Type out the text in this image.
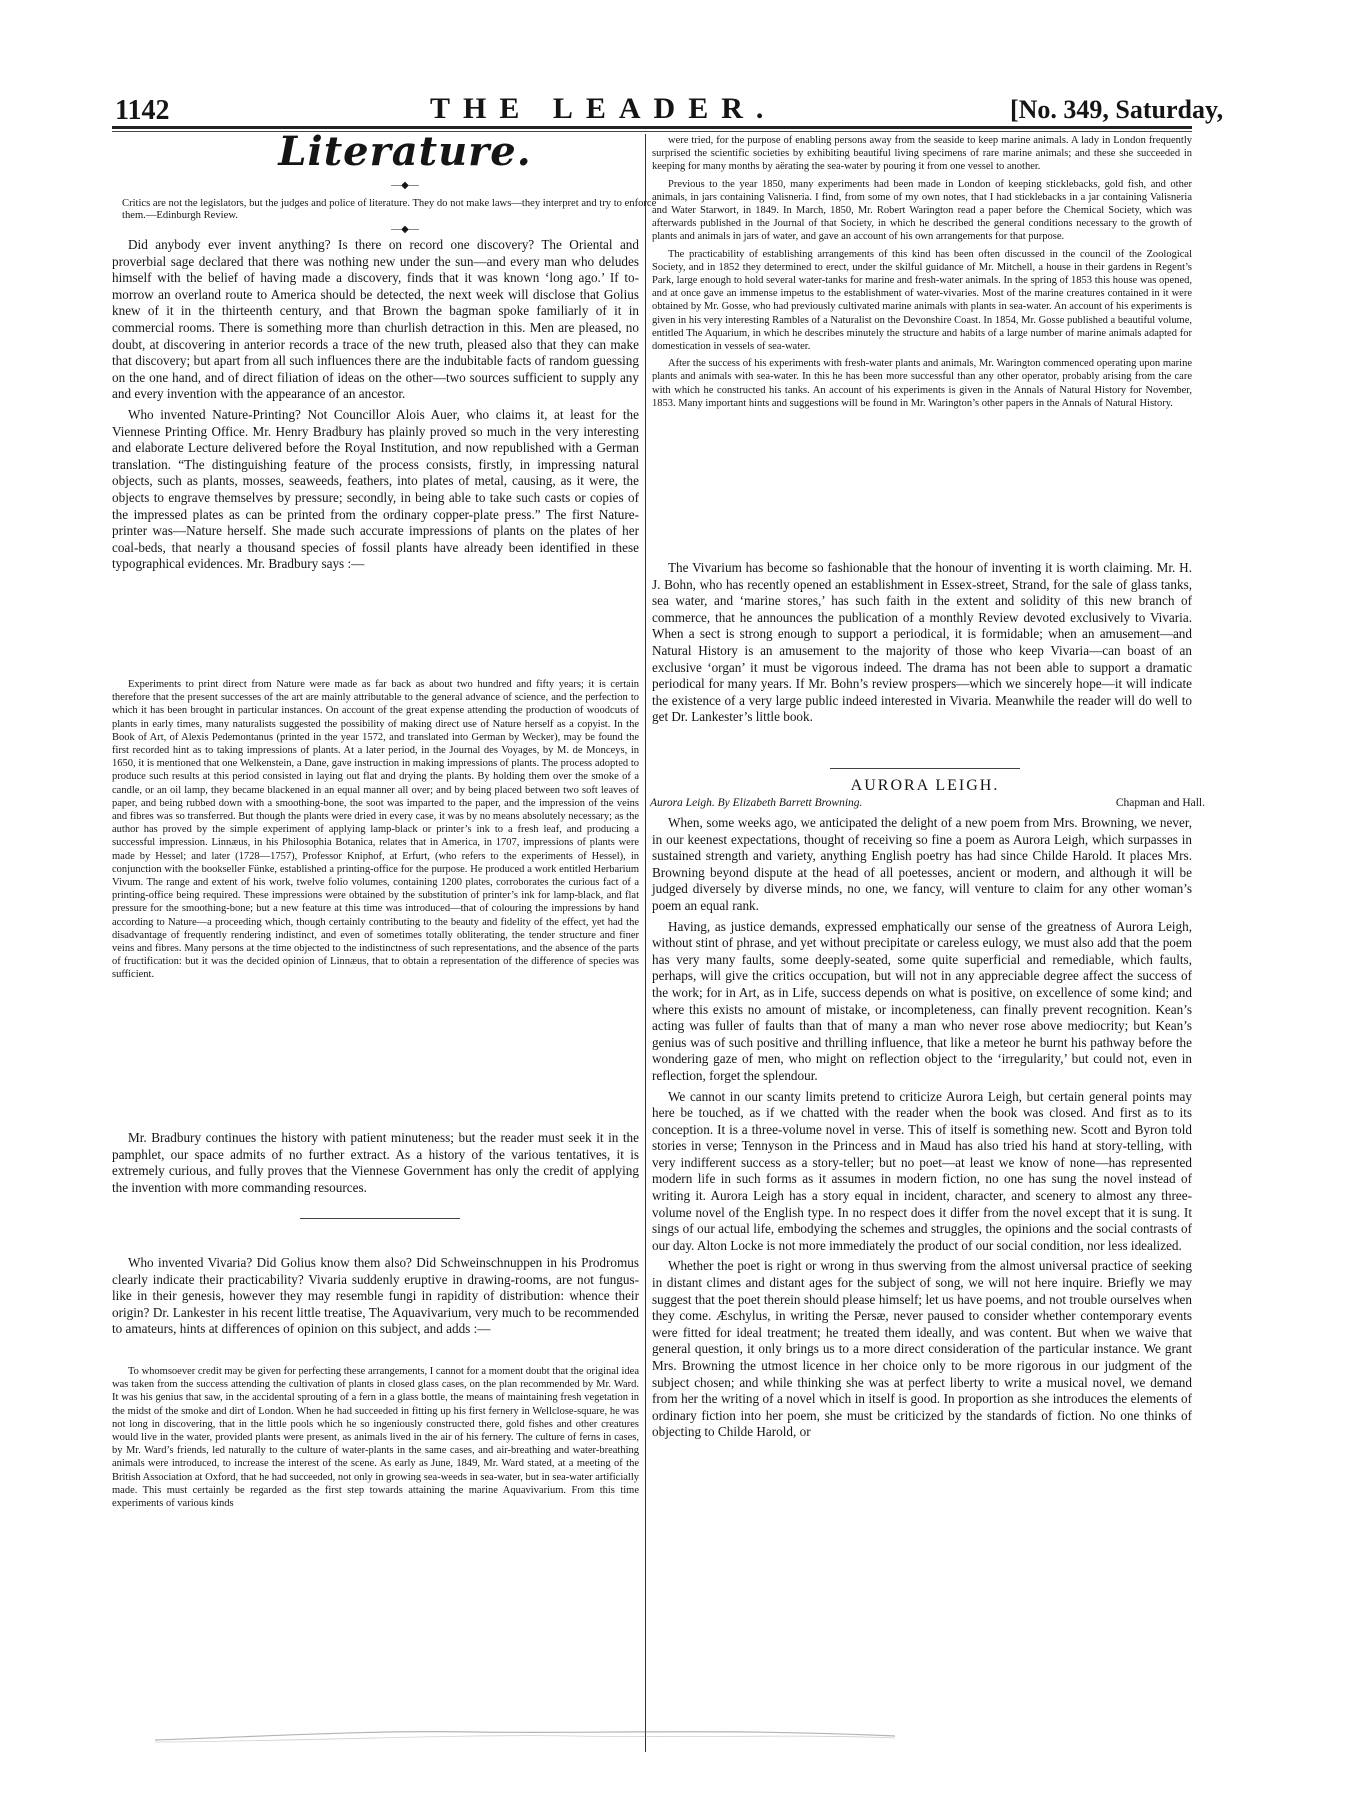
1142	THE LEADER.	[No. 349, Saturday,
Literature.
—◆—
Critics are not the legislators, but the judges and police of literature. They do not make laws—they interpret and try to enforce them.—Edinburgh Review.
—◆—

Did anybody ever invent anything? Is there on record one discovery? The Oriental and proverbial sage declared that there was nothing new under the sun—and every man who deludes himself with the belief of having made a discovery, finds that it was known ‘long ago.’ If to-morrow an overland route to America should be detected, the next week will disclose that Golius knew of it in the thirteenth century, and that Brown the bagman spoke familiarly of it in commercial rooms. There is something more than churlish detraction in this. Men are pleased, no doubt, at discovering in anterior records a trace of the new truth, pleased also that they can make that discovery; but apart from all such influences there are the indubitable facts of random guessing on the one hand, and of direct filiation of ideas on the other—two sources sufficient to supply any and every invention with the appearance of an ancestor.

Who invented Nature-Printing? Not Councillor Alois Auer, who claims it, at least for the Viennese Printing Office. Mr. Henry Bradbury has plainly proved so much in the very interesting and elaborate Lecture delivered before the Royal Institution, and now republished with a German translation. “The distinguishing feature of the process consists, firstly, in impressing natural objects, such as plants, mosses, seaweeds, feathers, into plates of metal, causing, as it were, the objects to engrave themselves by pressure; secondly, in being able to take such casts or copies of the impressed plates as can be printed from the ordinary copper-plate press.” The first Nature-printer was—Nature herself. She made such accurate impressions of plants on the plates of her coal-beds, that nearly a thousand species of fossil plants have already been identified in these typographical evidences. Mr. Bradbury says :—

Experiments to print direct from Nature were made as far back as about two hundred and fifty years; it is certain therefore that the present successes of the art are mainly attributable to the general advance of science, and the perfection to which it has been brought in particular instances. On account of the great expense attending the production of woodcuts of plants in early times, many naturalists suggested the possibility of making direct use of Nature herself as a copyist. In the Book of Art, of Alexis Pedemontanus (printed in the year 1572, and translated into German by Wecker), may be found the first recorded hint as to taking impressions of plants. At a later period, in the Journal des Voyages, by M. de Monceys, in 1650, it is mentioned that one Welkenstein, a Dane, gave instruction in making impressions of plants. The process adopted to produce such results at this period consisted in laying out flat and drying the plants. By holding them over the smoke of a candle, or an oil lamp, they became blackened in an equal manner all over; and by being placed between two soft leaves of paper, and being rubbed down with a smoothing-bone, the soot was imparted to the paper, and the impression of the veins and fibres was so transferred. But though the plants were dried in every case, it was by no means absolutely necessary; as the author has proved by the simple experiment of applying lamp-black or printer’s ink to a fresh leaf, and producing a successful impression. Linnæus, in his Philosophia Botanica, relates that in America, in 1707, impressions of plants were made by Hessel; and later (1728—1757), Professor Kniphof, at Erfurt, (who refers to the experiments of Hessel), in conjunction with the bookseller Fünke, established a printing-office for the purpose. He produced a work entitled Herbarium Vivum. The range and extent of his work, twelve folio volumes, containing 1200 plates, corroborates the curious fact of a printing-office being required. These impressions were obtained by the substitution of printer’s ink for lamp-black, and flat pressure for the smoothing-bone; but a new feature at this time was introduced—that of colouring the impressions by hand according to Nature—a proceeding which, though certainly contributing to the beauty and fidelity of the effect, yet had the disadvantage of frequently rendering indistinct, and even of sometimes totally obliterating, the tender structure and finer veins and fibres. Many persons at the time objected to the indistinctness of such representations, and the absence of the parts of fructification: but it was the decided opinion of Linnæus, that to obtain a representation of the difference of species was sufficient.

Mr. Bradbury continues the history with patient minuteness; but the reader must seek it in the pamphlet, our space admits of no further extract. As a history of the various tentatives, it is extremely curious, and fully proves that the Viennese Government has only the credit of applying the invention with more commanding resources.

Who invented Vivaria? Did Golius know them also? Did Schweinschnuppen in his Prodromus clearly indicate their practicability? Vivaria suddenly eruptive in drawing-rooms, are not fungus-like in their genesis, however they may resemble fungi in rapidity of distribution: whence their origin? Dr. Lankester in his recent little treatise, The Aquavivarium, very much to be recommended to amateurs, hints at differences of opinion on this subject, and adds :—

To whomsoever credit may be given for perfecting these arrangements, I cannot for a moment doubt that the original idea was taken from the success attending the cultivation of plants in closed glass cases, on the plan recommended by Mr. Ward. It was his genius that saw, in the accidental sprouting of a fern in a glass bottle, the means of maintaining fresh vegetation in the midst of the smoke and dirt of London. When he had succeeded in fitting up his first fernery in Wellclose-square, he was not long in discovering, that in the little pools which he so ingeniously constructed there, gold fishes and other creatures would live in the water, provided plants were present, as animals lived in the air of his fernery. The culture of ferns in cases, by Mr. Ward’s friends, led naturally to the culture of water-plants in the same cases, and air-breathing and water-breathing animals were introduced, to increase the interest of the scene. As early as June, 1849, Mr. Ward stated, at a meeting of the British Association at Oxford, that he had succeeded, not only in growing sea-weeds in sea-water, but in sea-water artificially made. This must certainly be regarded as the first step towards attaining the marine Aquavivarium. From this time experiments of various kinds

were tried, for the purpose of enabling persons away from the seaside to keep marine animals. A lady in London frequently surprised the scientific societies by exhibiting beautiful living specimens of rare marine animals; and these she succeeded in keeping for many months by aërating the sea-water by pouring it from one vessel to another.

Previous to the year 1850, many experiments had been made in London of keeping sticklebacks, gold fish, and other animals, in jars containing Valisneria. I find, from some of my own notes, that I had sticklebacks in a jar containing Valisneria and Water Starwort, in 1849. In March, 1850, Mr. Robert Warington read a paper before the Chemical Society, which was afterwards published in the Journal of that Society, in which he described the general conditions necessary to the growth of plants and animals in jars of water, and gave an account of his own arrangements for that purpose.

The practicability of establishing arrangements of this kind has been often discussed in the council of the Zoological Society, and in 1852 they determined to erect, under the skilful guidance of Mr. Mitchell, a house in their gardens in Regent’s Park, large enough to hold several water-tanks for marine and fresh-water animals. In the spring of 1853 this house was opened, and at once gave an immense impetus to the establishment of water-vivaries. Most of the marine creatures contained in it were obtained by Mr. Gosse, who had previously cultivated marine animals with plants in sea-water. An account of his experiments is given in his very interesting Rambles of a Naturalist on the Devonshire Coast. In 1854, Mr. Gosse published a beautiful volume, entitled The Aquarium, in which he describes minutely the structure and habits of a large number of marine animals adapted for domestication in vessels of sea-water.

After the success of his experiments with fresh-water plants and animals, Mr. Warington commenced operating upon marine plants and animals with sea-water. In this he has been more successful than any other operator, probably arising from the care with which he constructed his tanks. An account of his experiments is given in the Annals of Natural History for November, 1853. Many important hints and suggestions will be found in Mr. Warington’s other papers in the Annals of Natural History.

The Vivarium has become so fashionable that the honour of inventing it is worth claiming. Mr. H. J. Bohn, who has recently opened an establishment in Essex-street, Strand, for the sale of glass tanks, sea water, and ‘marine stores,’ has such faith in the extent and solidity of this new branch of commerce, that he announces the publication of a monthly Review devoted exclusively to Vivaria. When a sect is strong enough to support a periodical, it is formidable; when an amusement—and Natural History is an amusement to the majority of those who keep Vivaria—can boast of an exclusive ‘organ’ it must be vigorous indeed. The drama has not been able to support a dramatic periodical for many years. If Mr. Bohn’s review prospers—which we sincerely hope—it will indicate the existence of a very large public indeed interested in Vivaria. Meanwhile the reader will do well to get Dr. Lankester’s little book.

AURORA LEIGH.
Chapman and Hall.
Aurora Leigh. By Elizabeth Barrett Browning.

When, some weeks ago, we anticipated the delight of a new poem from Mrs. Browning, we never, in our keenest expectations, thought of receiving so fine a poem as Aurora Leigh, which surpasses in sustained strength and variety, anything English poetry has had since Childe Harold. It places Mrs. Browning beyond dispute at the head of all poetesses, ancient or modern, and although it will be judged diversely by diverse minds, no one, we fancy, will venture to claim for any other woman’s poem an equal rank.

Having, as justice demands, expressed emphatically our sense of the greatness of Aurora Leigh, without stint of phrase, and yet without precipitate or careless eulogy, we must also add that the poem has very many faults, some deeply-seated, some quite superficial and remediable, which faults, perhaps, will give the critics occupation, but will not in any appreciable degree affect the success of the work; for in Art, as in Life, success depends on what is positive, on excellence of some kind; and where this exists no amount of mistake, or incompleteness, can finally prevent recognition. Kean’s acting was fuller of faults than that of many a man who never rose above mediocrity; but Kean’s genius was of such positive and thrilling influence, that like a meteor he burnt his pathway before the wondering gaze of men, who might on reflection object to the ‘irregularity,’ but could not, even in reflection, forget the splendour.

We cannot in our scanty limits pretend to criticize Aurora Leigh, but certain general points may here be touched, as if we chatted with the reader when the book was closed. And first as to its conception. It is a three-volume novel in verse. This of itself is something new. Scott and Byron told stories in verse; Tennyson in the Princess and in Maud has also tried his hand at story-telling, with very indifferent success as a story-teller; but no poet—at least we know of none—has represented modern life in such forms as it assumes in modern fiction, no one has sung the novel instead of writing it. Aurora Leigh has a story equal in incident, character, and scenery to almost any three-volume novel of the English type. In no respect does it differ from the novel except that it is sung. It sings of our actual life, embodying the schemes and struggles, the opinions and the social contrasts of our day. Alton Locke is not more immediately the product of our social condition, nor less idealized.

Whether the poet is right or wrong in thus swerving from the almost universal practice of seeking in distant climes and distant ages for the subject of song, we will not here inquire. Briefly we may suggest that the poet therein should please himself; let us have poems, and not trouble ourselves when they come. Æschylus, in writing the Persæ, never paused to consider whether contemporary events were fitted for ideal treatment; he treated them ideally, and was content. But when we waive that general question, it only brings us to a more direct consideration of the particular instance. We grant Mrs. Browning the utmost licence in her choice only to be more rigorous in our judgment of the subject chosen; and while thinking she was at perfect liberty to write a musical novel, we demand from her the writing of a novel which in itself is good. In proportion as she introduces the elements of ordinary fiction into her poem, she must be criticized by the standards of fiction. No one thinks of objecting to Childe Harold, or
